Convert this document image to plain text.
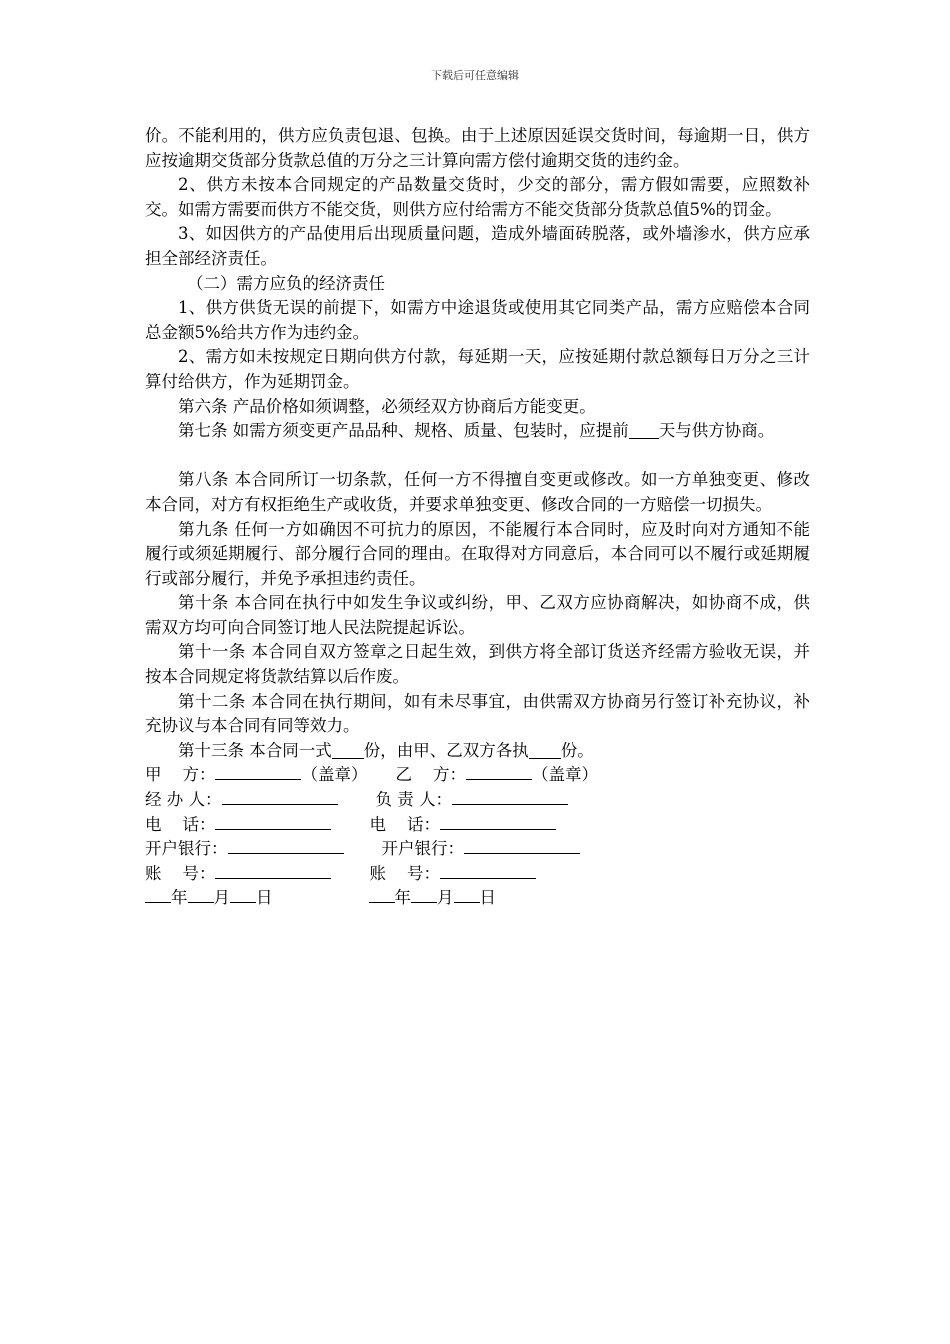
下载后可任意编辑

价。不能利用的，供方应负责包退、包换。由于上述原因延误交货时间，每逾期一日，供方应按逾期交货部分货款总值的万分之三计算向需方偿付逾期交货的违约金。

2、供方未按本合同规定的产品数量交货时，少交的部分，需方假如需要，应照数补交。如需方需要而供方不能交货，则供方应付给需方不能交货部分货款总值5%的罚金。

3、如因供方的产品使用后出现质量问题，造成外墙面砖脱落，或外墙渗水，供方应承担全部经济责任。

（二）需方应负的经济责任

1、供方供货无误的前提下，如需方中途退货或使用其它同类产品，需方应赔偿本合同总金额5%给共方作为违约金。

2、需方如未按规定日期向供方付款，每延期一天，应按延期付款总额每日万分之三计算付给供方，作为延期罚金。

第六条 产品价格如须调整，必须经双方协商后方能变更。

第七条 如需方须变更产品品种、规格、质量、包装时，应提前 天与供方协商。

第八条 本合同所订一切条款，任何一方不得擅自变更或修改。如一方单独变更、修改本合同，对方有权拒绝生产或收货，并要求单独变更、修改合同的一方赔偿一切损失。

第九条 任何一方如确因不可抗力的原因，不能履行本合同时，应及时向对方通知不能履行或须延期履行、部分履行合同的理由。在取得对方同意后，本合同可以不履行或延期履行或部分履行，并免予承担违约责任。

第十条 本合同在执行中如发生争议或纠纷，甲、乙双方应协商解决，如协商不成，供需双方均可向合同签订地人民法院提起诉讼。

第十一条 本合同自双方签章之日起生效，到供方将全部订货送齐经需方验收无误，并按本合同规定将货款结算以后作废。

第十二条 本合同在执行期间，如有未尽事宜，由供需双方协商另行签订补充协议，补充协议与本合同有同等效力。

第十三条 本合同一式 份，由甲、乙双方各执 份。

甲    方：	（盖章） 乙    方：	（盖章）
经 办 人：	负 责 人：
电    话：	电    话：
开户银行：	开户银行：
账    号：	账    号：
年 月 日	年 月 日
